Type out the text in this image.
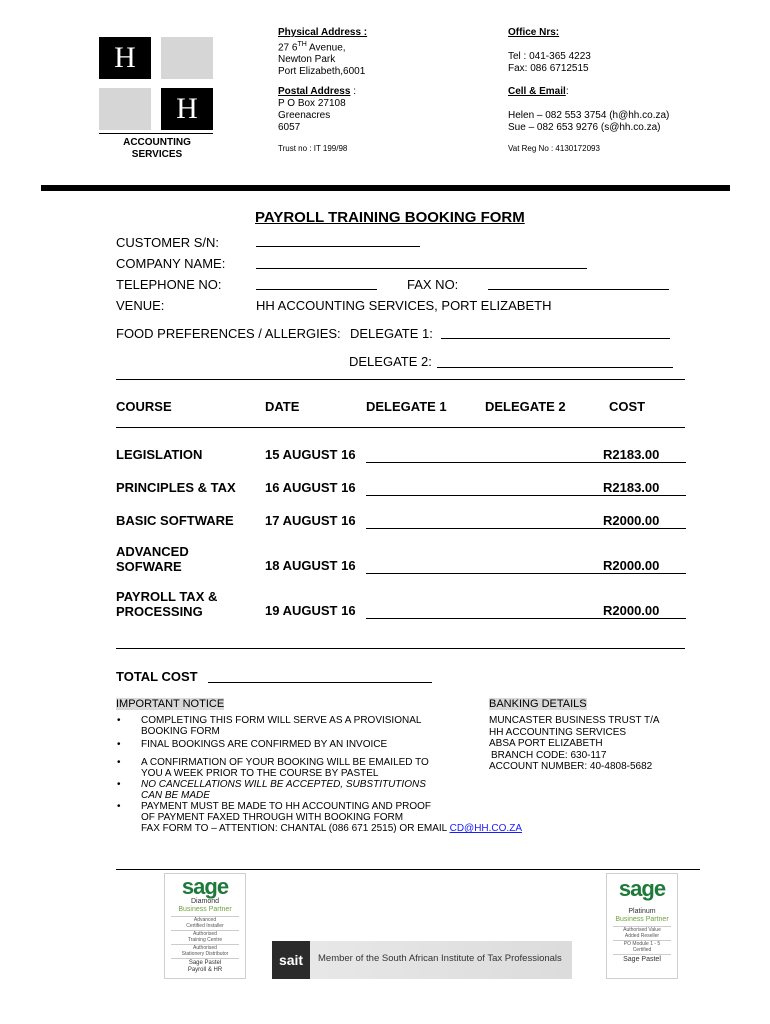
H
H
ACCOUNTING
SERVICES
Physical Address :
27 6TH Avenue,
Newton Park
Port Elizabeth,6001
Postal Address :
P O Box 27108
Greenacres
6057
Trust no : IT 199/98
Office Nrs:
Tel : 041-365 4223
Fax: 086 6712515
Cell & Email:
Helen – 082 553 3754 (h@hh.co.za)
Sue – 082 653 9276 (s@hh.co.za)
Vat Reg No : 4130172093
PAYROLL TRAINING BOOKING FORM
CUSTOMER S/N:
COMPANY NAME:
TELEPHONE NO:	FAX NO:
VENUE:	HH ACCOUNTING SERVICES, PORT ELIZABETH
FOOD PREFERENCES / ALLERGIES: DELEGATE 1:
DELEGATE 2:
COURSE	DATE	DELEGATE 1	DELEGATE 2	COST
LEGISLATION	15 AUGUST 16	R2183.00
PRINCIPLES & TAX 16 AUGUST 16	R2183.00
BASIC SOFTWARE 17 AUGUST 16	R2000.00
ADVANCED
SOFWARE	18 AUGUST 16	R2000.00
PAYROLL TAX &
PROCESSING	19 AUGUST 16	R2000.00
TOTAL COST
IMPORTANT NOTICE
• COMPLETING THIS FORM WILL SERVE AS A PROVISIONAL
BOOKING FORM
• FINAL BOOKINGS ARE CONFIRMED BY AN INVOICE
• A CONFIRMATION OF YOUR BOOKING WILL BE EMAILED TO
YOU A WEEK PRIOR TO THE COURSE BY PASTEL
• NO CANCELLATIONS WILL BE ACCEPTED, SUBSTITUTIONS
CAN BE MADE
• PAYMENT MUST BE MADE TO HH ACCOUNTING AND PROOF
OF PAYMENT FAXED THROUGH WITH BOOKING FORM
FAX FORM TO – ATTENTION: CHANTAL (086 671 2515) OR EMAIL CD@HH.CO.ZA
BANKING DETAILS
MUNCASTER BUSINESS TRUST T/A
HH ACCOUNTING SERVICES
ABSA PORT ELIZABETH
BRANCH CODE: 630-117
ACCOUNT NUMBER: 40-4808-5682
sage
Diamond
Business Partner
Advanced
Certified Installer
Authorised
Training Centre
Authorised
Stationery Distributor
Sage Pastel
Payroll & HR
sait	Member of the South African Institute of Tax Professionals
sage
Platinum
Business Partner
Authorised Value
Added Reseller
PO Module 1 - 5
Certified
Sage Pastel
